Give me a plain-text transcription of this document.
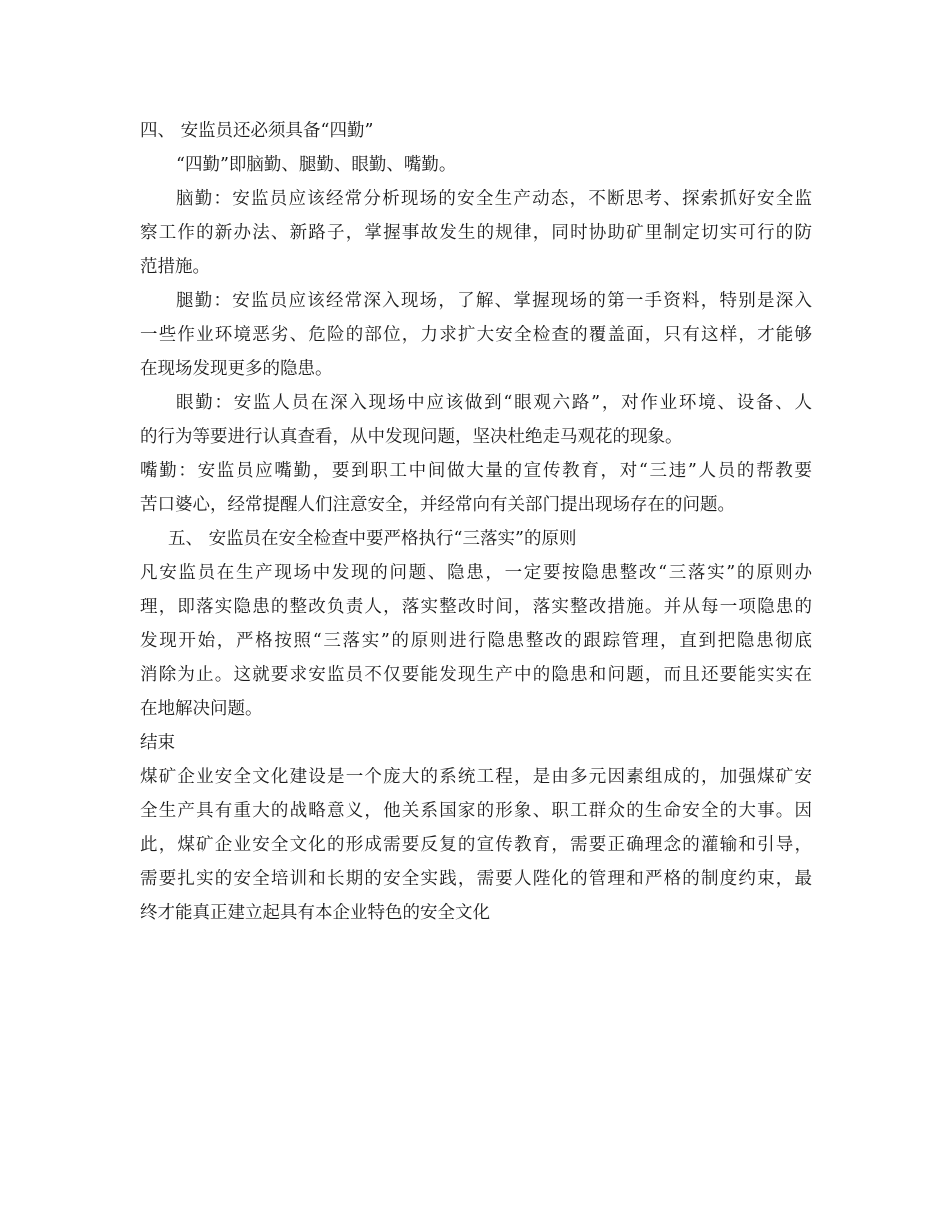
四、 安监员还必须具备“四勤”
“四勤”即脑勤、腿勤、眼勤、嘴勤。
脑勤：安监员应该经常分析现场的安全生产动态，不断思考、探索抓好安全监
察工作的新办法、新路子，掌握事故发生的规律，同时协助矿里制定切实可行的防
范措施。
腿勤：安监员应该经常深入现场，了解、掌握现场的第一手资料，特别是深入
一些作业环境恶劣、危险的部位，力求扩大安全检查的覆盖面，只有这样，才能够
在现场发现更多的隐患。
眼勤：安监人员在深入现场中应该做到“眼观六路”，对作业环境、设备、人
的行为等要进行认真查看，从中发现问题，坚决杜绝走马观花的现象。
嘴勤：安监员应嘴勤，要到职工中间做大量的宣传教育，对“三违”人员的帮教要
苦口婆心，经常提醒人们注意安全，并经常向有关部门提出现场存在的问题。
五、 安监员在安全检查中要严格执行“三落实”的原则
凡安监员在生产现场中发现的问题、隐患，一定要按隐患整改“三落实”的原则办
理，即落实隐患的整改负责人，落实整改时间，落实整改措施。并从每一项隐患的
发现开始，严格按照“三落实”的原则进行隐患整改的跟踪管理，直到把隐患彻底
消除为止。这就要求安监员不仅要能发现生产中的隐患和问题，而且还要能实实在
在地解决问题。
结束
煤矿企业安全文化建设是一个庞大的系统工程，是由多元因素组成的，加强煤矿安
全生产具有重大的战略意义，他关系国家的形象、职工群众的生命安全的大事。因
此，煤矿企业安全文化的形成需要反复的宣传教育，需要正确理念的灌输和引导，
需要扎实的安全培训和长期的安全实践，需要人陛化的管理和严格的制度约束，最
终才能真正建立起具有本企业特色的安全文化
